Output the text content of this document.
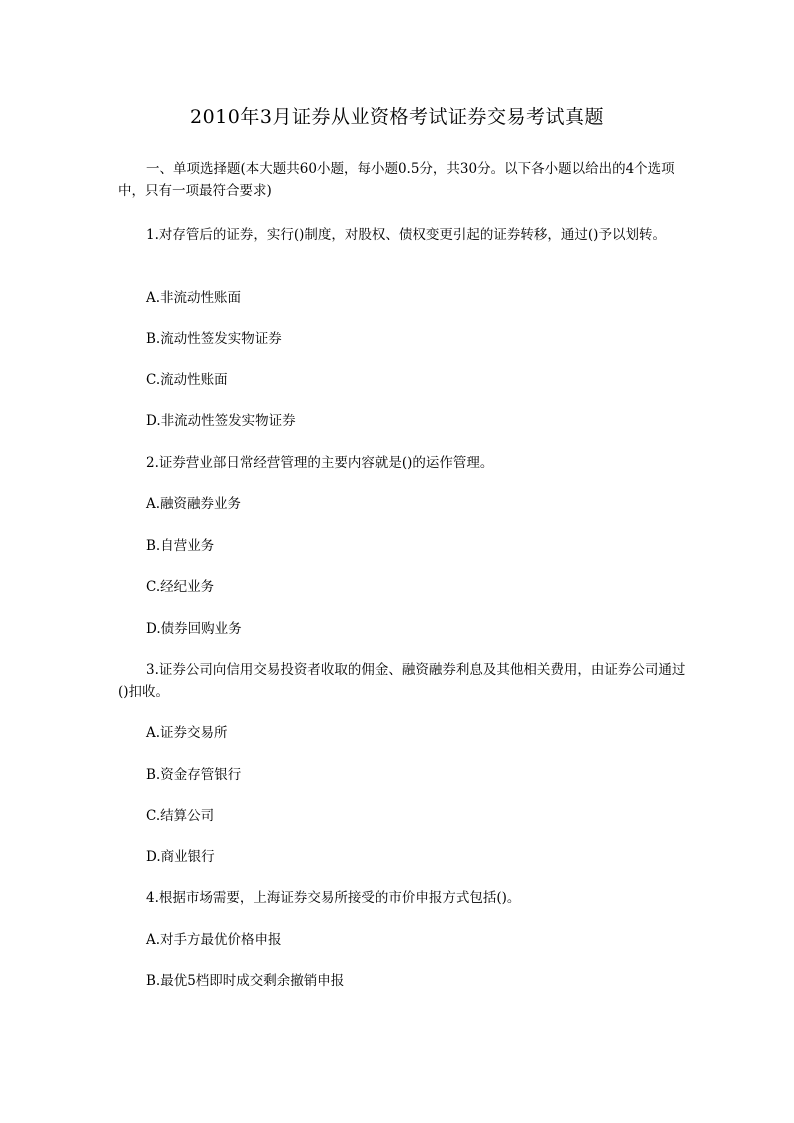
2010年3月证券从业资格考试证券交易考试真题
一、单项选择题(本大题共60小题，每小题0.5分，共30分。以下各小题以给出的4个选项中，只有一项最符合要求)
1.对存管后的证券，实行()制度，对股权、债权变更引起的证券转移，通过()予以划转。
A.非流动性账面
B.流动性签发实物证券
C.流动性账面
D.非流动性签发实物证券
2.证券营业部日常经营管理的主要内容就是()的运作管理。
A.融资融券业务
B.自营业务
C.经纪业务
D.债券回购业务
3.证券公司向信用交易投资者收取的佣金、融资融券利息及其他相关费用，由证券公司通过()扣收。
A.证券交易所
B.资金存管银行
C.结算公司
D.商业银行
4.根据市场需要，上海证券交易所接受的市价申报方式包括()。
A.对手方最优价格申报
B.最优5档即时成交剩余撤销申报
